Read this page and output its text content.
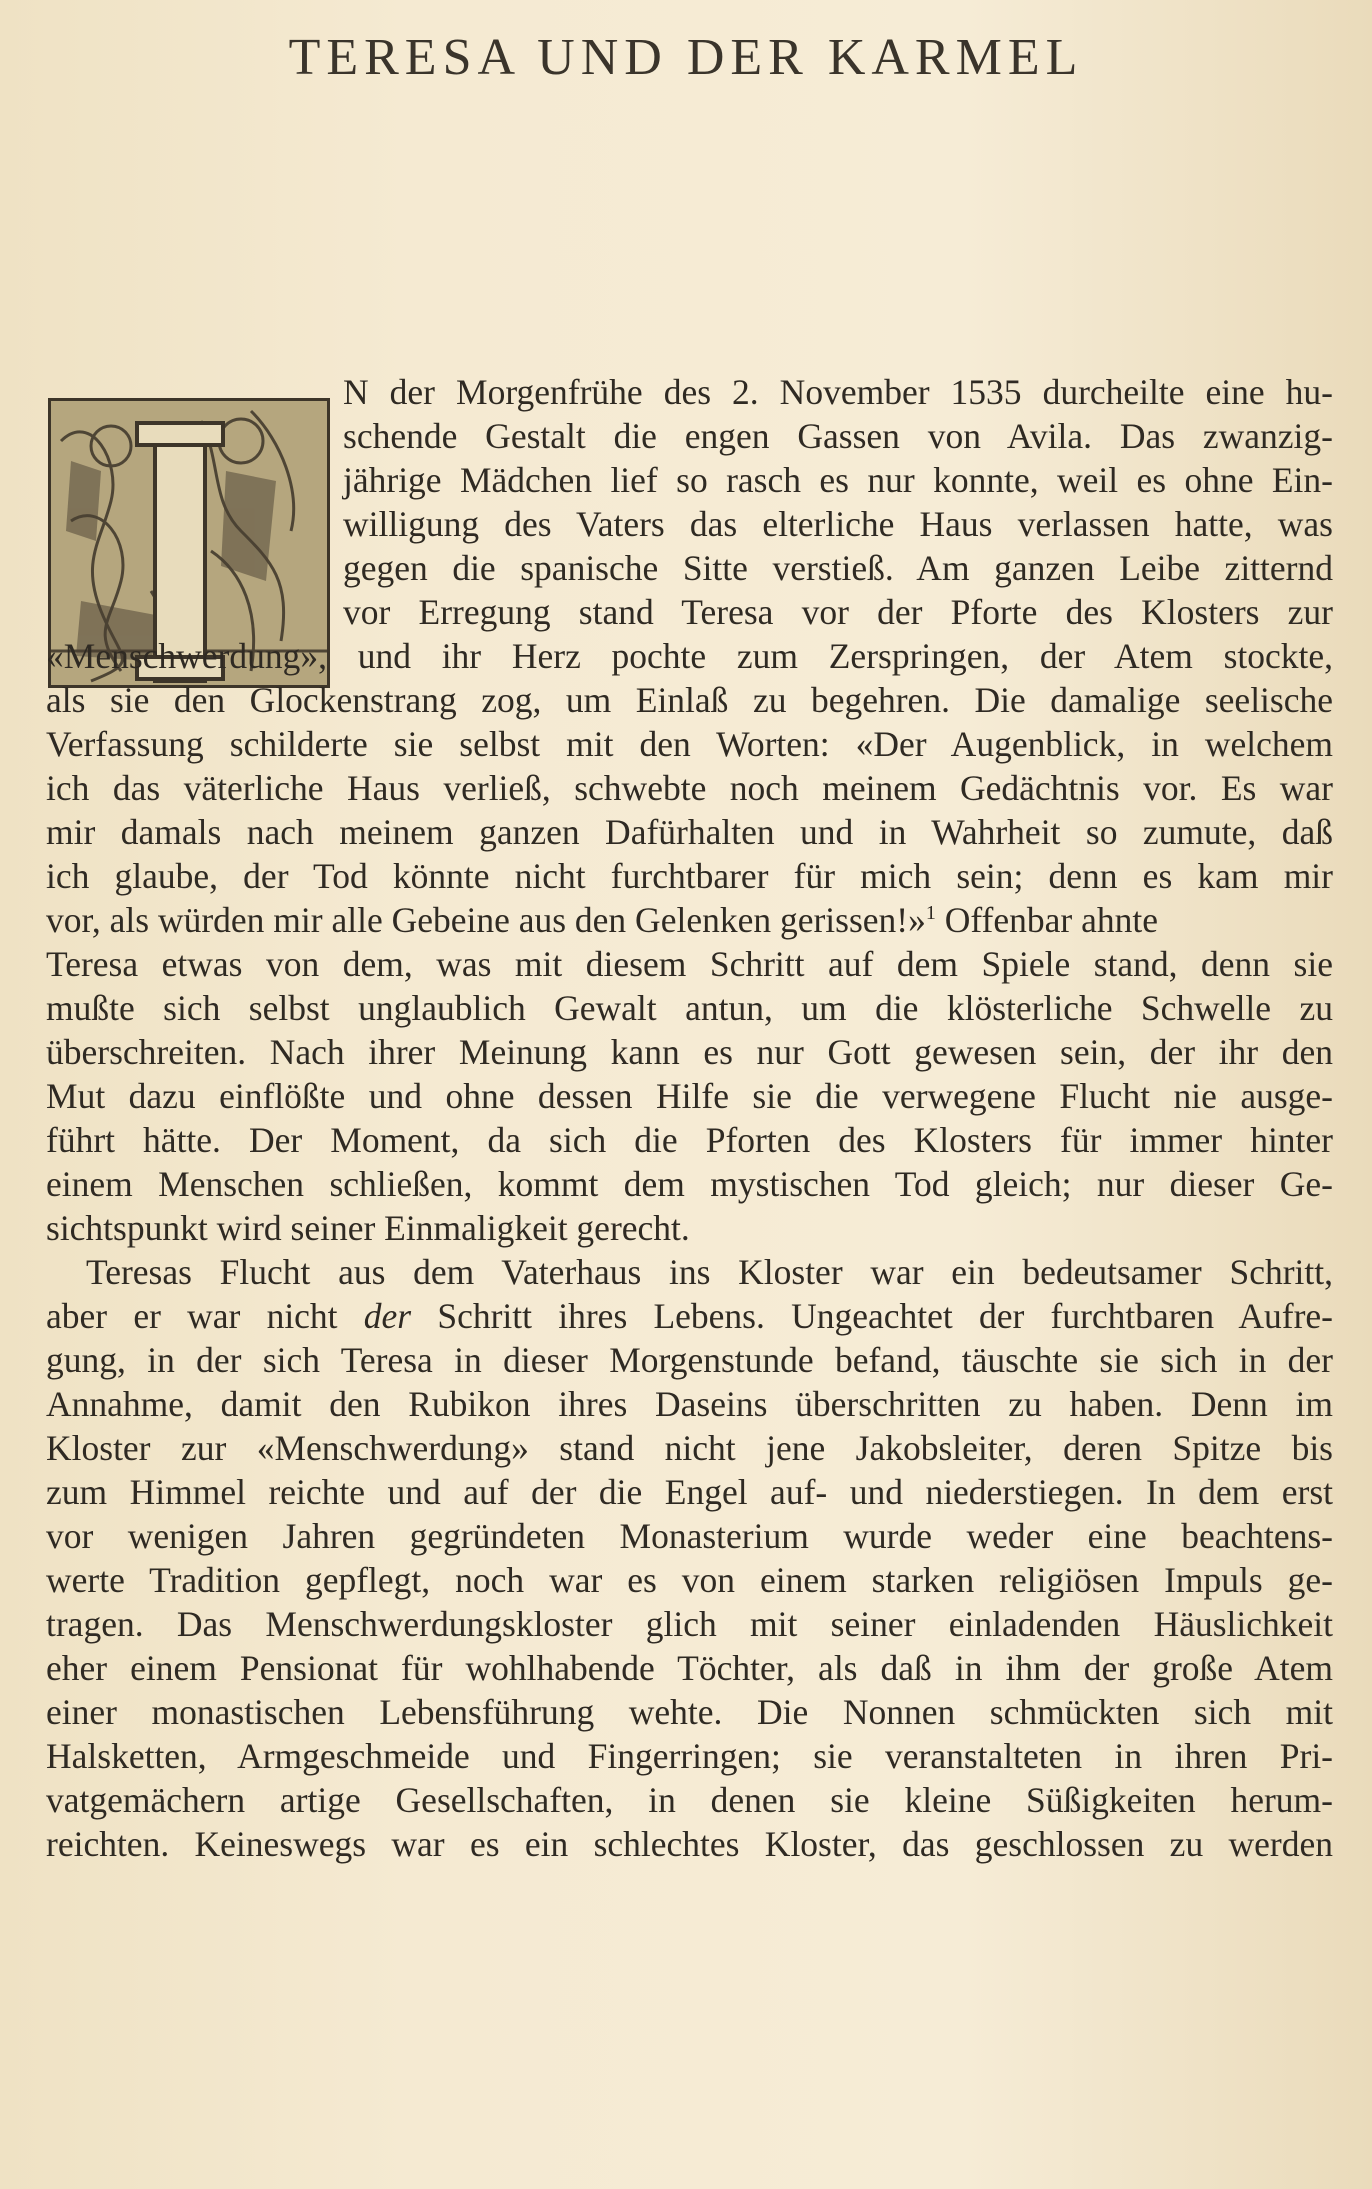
TERESA UND DER KARMEL
N der Morgenfrühe des 2. November 1535 durcheilte eine hu-
schende Gestalt die engen Gassen von Avila. Das zwanzig-
jährige Mädchen lief so rasch es nur konnte, weil es ohne Ein-
willigung des Vaters das elterliche Haus verlassen hatte, was
gegen die spanische Sitte verstieß. Am ganzen Leibe zitternd
vor Erregung stand Teresa vor der Pforte des Klosters zur
«Menschwerdung», und ihr Herz pochte zum Zerspringen, der Atem stockte,
als sie den Glockenstrang zog, um Einlaß zu begehren. Die damalige seelische
Verfassung schilderte sie selbst mit den Worten: «Der Augenblick, in welchem
ich das väterliche Haus verließ, schwebte noch meinem Gedächtnis vor. Es war
mir damals nach meinem ganzen Dafürhalten und in Wahrheit so zumute, daß
ich glaube, der Tod könnte nicht furchtbarer für mich sein; denn es kam mir
vor, als würden mir alle Gebeine aus den Gelenken gerissen!»$^1$ Offenbar ahnte
Teresa etwas von dem, was mit diesem Schritt auf dem Spiele stand, denn sie
mußte sich selbst unglaublich Gewalt antun, um die klösterliche Schwelle zu
überschreiten. Nach ihrer Meinung kann es nur Gott gewesen sein, der ihr den
Mut dazu einflößte und ohne dessen Hilfe sie die verwegene Flucht nie ausge-
führt hätte. Der Moment, da sich die Pforten des Klosters für immer hinter
einem Menschen schließen, kommt dem mystischen Tod gleich; nur dieser Ge-
sichtspunkt wird seiner Einmaligkeit gerecht.
Teresas Flucht aus dem Vaterhaus ins Kloster war ein bedeutsamer Schritt,
aber er war nicht der Schritt ihres Lebens. Ungeachtet der furchtbaren Aufre-
gung, in der sich Teresa in dieser Morgenstunde befand, täuschte sie sich in der
Annahme, damit den Rubikon ihres Daseins überschritten zu haben. Denn im
Kloster zur «Menschwerdung» stand nicht jene Jakobsleiter, deren Spitze bis
zum Himmel reichte und auf der die Engel auf- und niederstiegen. In dem erst
vor wenigen Jahren gegründeten Monasterium wurde weder eine beachtens-
werte Tradition gepflegt, noch war es von einem starken religiösen Impuls ge-
tragen. Das Menschwerdungskloster glich mit seiner einladenden Häuslichkeit
eher einem Pensionat für wohlhabende Töchter, als daß in ihm der große Atem
einer monastischen Lebensführung wehte. Die Nonnen schmückten sich mit
Halsketten, Armgeschmeide und Fingerringen; sie veranstalteten in ihren Pri-
vatgemächern artige Gesellschaften, in denen sie kleine Süßigkeiten herum-
reichten. Keineswegs war es ein schlechtes Kloster, das geschlossen zu werden
